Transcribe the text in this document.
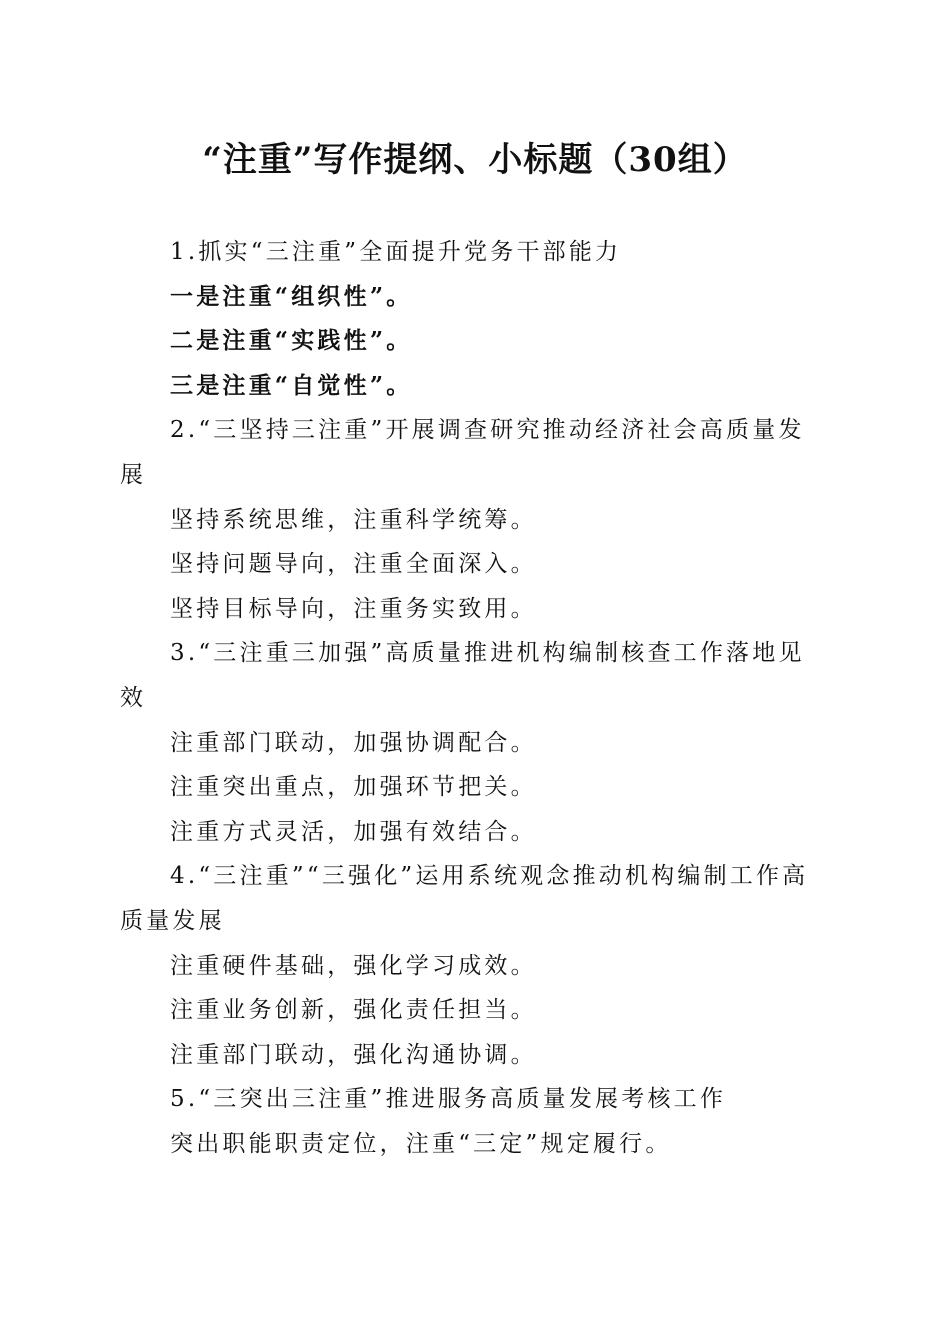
“注重”写作提纲、小标题（30组）

1.抓实“三注重”全面提升党务干部能力

一是注重“组织性”。

二是注重“实践性”。

三是注重“自觉性”。

2.“三坚持三注重”开展调查研究推动经济社会高质量发展

坚持系统思维，注重科学统筹。

坚持问题导向，注重全面深入。

坚持目标导向，注重务实致用。

3.“三注重三加强”高质量推进机构编制核查工作落地见效

注重部门联动，加强协调配合。

注重突出重点，加强环节把关。

注重方式灵活，加强有效结合。

4.“三注重”“三强化”运用系统观念推动机构编制工作高质量发展

注重硬件基础，强化学习成效。

注重业务创新，强化责任担当。

注重部门联动，强化沟通协调。

5.“三突出三注重”推进服务高质量发展考核工作

突出职能职责定位，注重“三定”规定履行。
